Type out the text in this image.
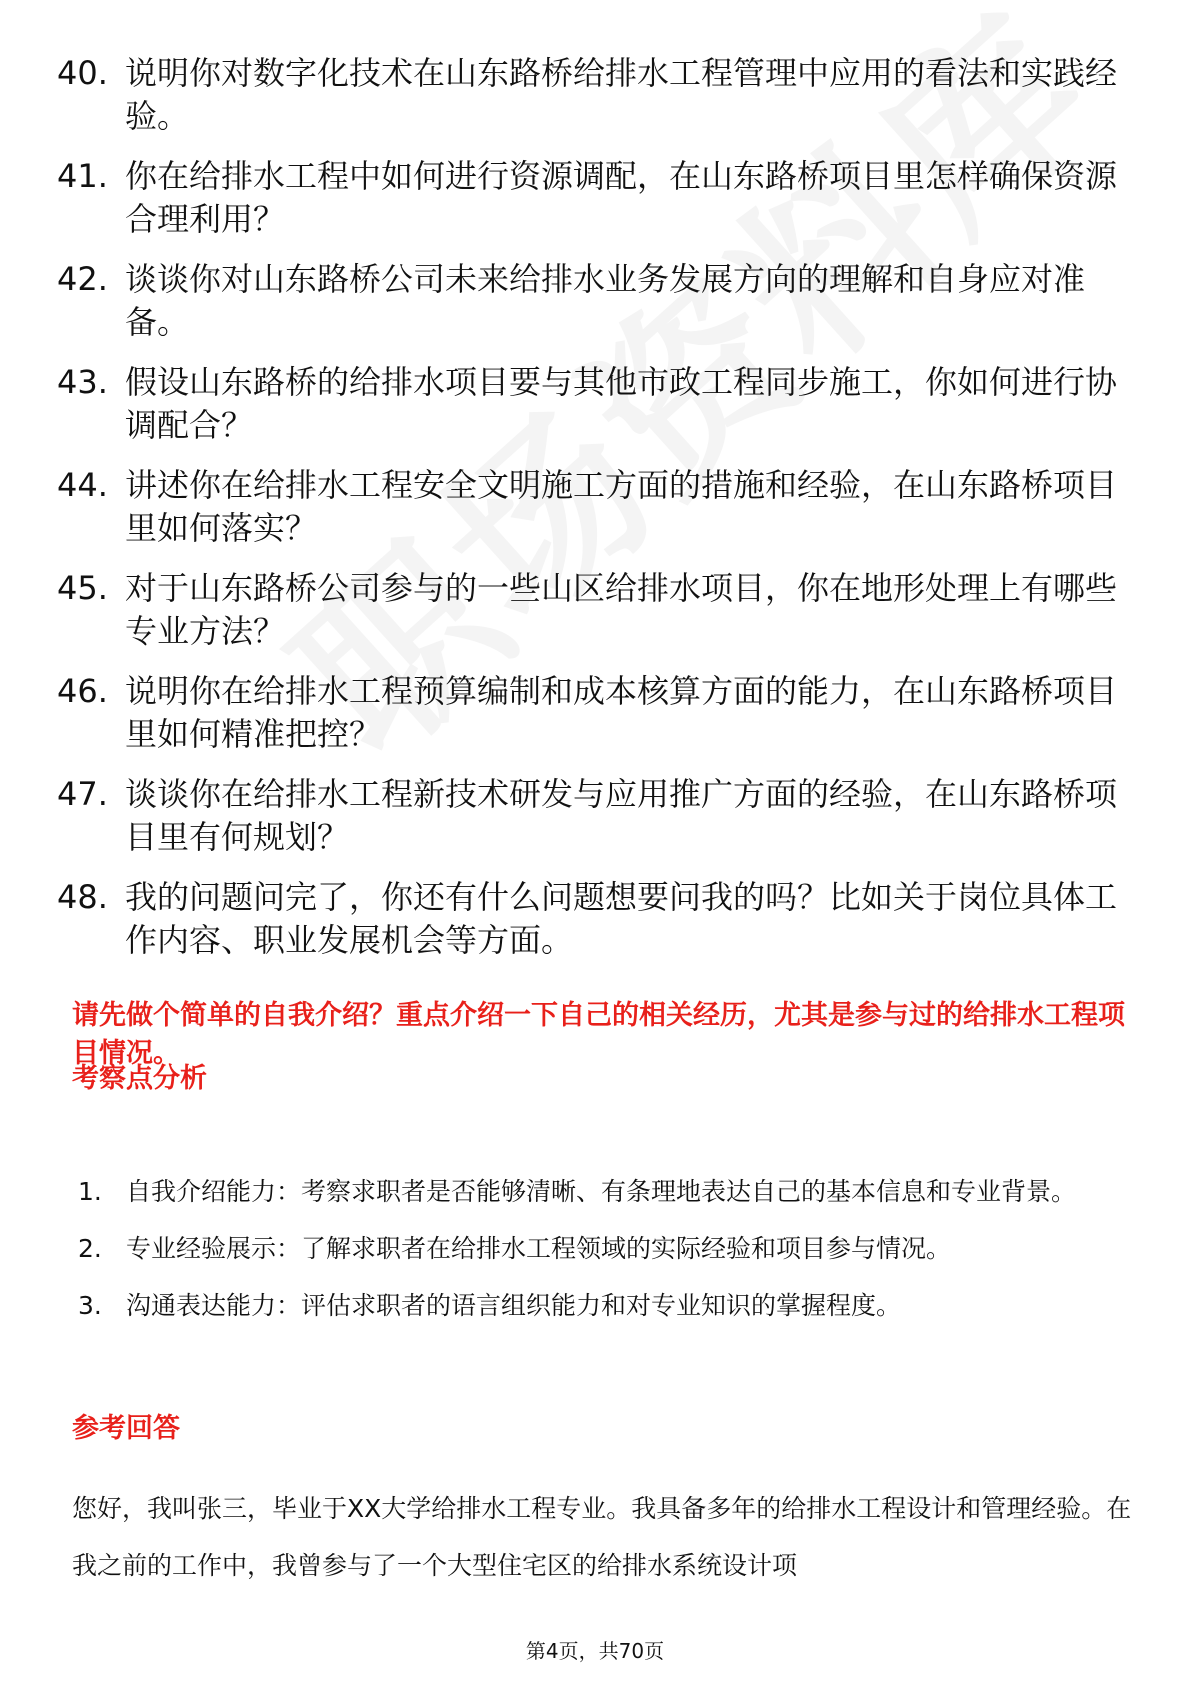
40. 说明你对数字化技术在山东路桥给排水工程管理中应用的看法和实践经验。
41. 你在给排水工程中如何进行资源调配，在山东路桥项目里怎样确保资源合理利用？
42. 谈谈你对山东路桥公司未来给排水业务发展方向的理解和自身应对准备。
43. 假设山东路桥的给排水项目要与其他市政工程同步施工，你如何进行协调配合？
44. 讲述你在给排水工程安全文明施工方面的措施和经验，在山东路桥项目里如何落实？
45. 对于山东路桥公司参与的一些山区给排水项目，你在地形处理上有哪些专业方法？
46. 说明你在给排水工程预算编制和成本核算方面的能力，在山东路桥项目里如何精准把控？
47. 谈谈你在给排水工程新技术研发与应用推广方面的经验，在山东路桥项目里有何规划？
48. 我的问题问完了，你还有什么问题想要问我的吗？比如关于岗位具体工作内容、职业发展机会等方面。

请先做个简单的自我介绍？重点介绍一下自己的相关经历，尤其是参与过的给排水工程项目情况。

考察点分析

1. 自我介绍能力：考察求职者是否能够清晰、有条理地表达自己的基本信息和专业背景。
2. 专业经验展示：了解求职者在给排水工程领域的实际经验和项目参与情况。
3. 沟通表达能力：评估求职者的语言组织能力和对专业知识的掌握程度。

参考回答

您好，我叫张三，毕业于XX大学给排水工程专业。我具备多年的给排水工程设计和管理经验。在我之前的工作中，我曾参与了一个大型住宅区的给排水系统设计项

第4页，共70页
